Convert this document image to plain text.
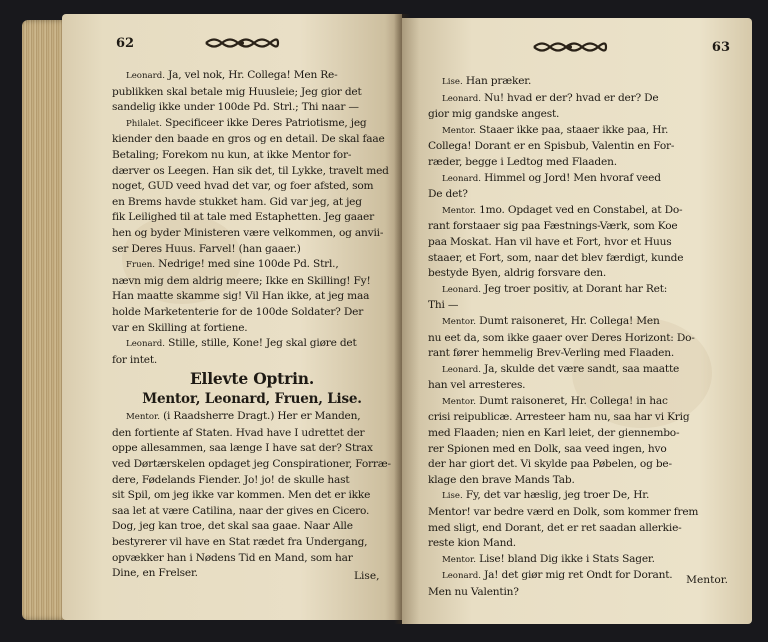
62
Leonard. Ja, vel nok, Hr. Collega! Men Re-
publikken skal betale mig Huusleie; Jeg gior det
sandelig ikke under 100de Pd. Strl.; Thi naar —
Philalet. Specificeer ikke Deres Patriotisme, jeg
kiender den baade en gros og en detail. De skal faae
Betaling; Forekom nu kun, at ikke Mentor for-
dærver os Leegen. Han sik det, til Lykke, travelt med
noget, GUD veed hvad det var, og foer afsted, som
en Brems havde stukket ham. Gid var jeg, at jeg
fik Leilighed til at tale med Estaphetten. Jeg gaaer
hen og byder Ministeren være velkommen, og anvii-
ser Deres Huus. Farvel! (han gaaer.)
Fruen. Nedrige! med sine 100de Pd. Strl.,
nævn mig dem aldrig meere; Ikke en Skilling! Fy!
Han maatte skamme sig! Vil Han ikke, at jeg maa
holde Marketenterie for de 100de Soldater? Der
var en Skilling at fortiene.
Leonard. Stille, stille, Kone! Jeg skal giøre det
for intet.
Ellevte Optrin.
Mentor, Leonard, Fruen, Lise.
Mentor. (i Raadsherre Dragt.) Her er Manden,
den fortiente af Staten. Hvad have I udrettet der
oppe allesammen, saa længe I have sat der? Strax
ved Dørtærskelen opdaget jeg Conspirationer, Forræ-
dere, Fødelands Fiender. Jo! jo! de skulle hast
sit Spil, om jeg ikke var kommen. Men det er ikke
saa let at være Catilina, naar der gives en Cicero.
Dog, jeg kan troe, det skal saa gaae. Naar Alle
bestyrerer vil have en Stat rædet fra Undergang,
opvækker han i Nødens Tid en Mand, som har
Dine, en Frelser.	Lise,
63
Lise. Han præker.
Leonard. Nu! hvad er der? hvad er der? De
gior mig gandske angest.
Mentor. Staaer ikke paa, staaer ikke paa, Hr.
Collega! Dorant er en Spisbub, Valentin en For-
ræder, begge i Ledtog med Flaaden.
Leonard. Himmel og Jord! Men hvoraf veed
De det?
Mentor. 1mo. Opdaget ved en Constabel, at Do-
rant forstaaer sig paa Fæstnings-Værk, som Koe
paa Moskat. Han vil have et Fort, hvor et Huus
staaer, et Fort, som, naar det blev færdigt, kunde
bestyde Byen, aldrig forsvare den.
Leonard. Jeg troer positiv, at Dorant har Ret:
Thi —
Mentor. Dumt raisoneret, Hr. Collega! Men
nu eet da, som ikke gaaer over Deres Horizont: Do-
rant fører hemmelig Brev-Verling med Flaaden.
Leonard. Ja, skulde det være sandt, saa maatte
han vel arresteres.
Mentor. Dumt raisoneret, Hr. Collega! in hac
crisi reipublicæ. Arresteer ham nu, saa har vi Krig
med Flaaden; nien en Karl leiet, der giennembo-
rer Spionen med en Dolk, saa veed ingen, hvo
der har giort det. Vi skylde paa Pøbelen, og be-
klage den brave Mands Tab.
Lise. Fy, det var hæslig, jeg troer De, Hr.
Mentor! var bedre værd en Dolk, som kommer frem
med sligt, end Dorant, det er ret saadan allerkie-
reste kion Mand.
Mentor. Lise! bland Dig ikke i Stats Sager.
Leonard. Ja! det giør mig ret Ondt for Dorant.
Men nu Valentin?
Mentor.
